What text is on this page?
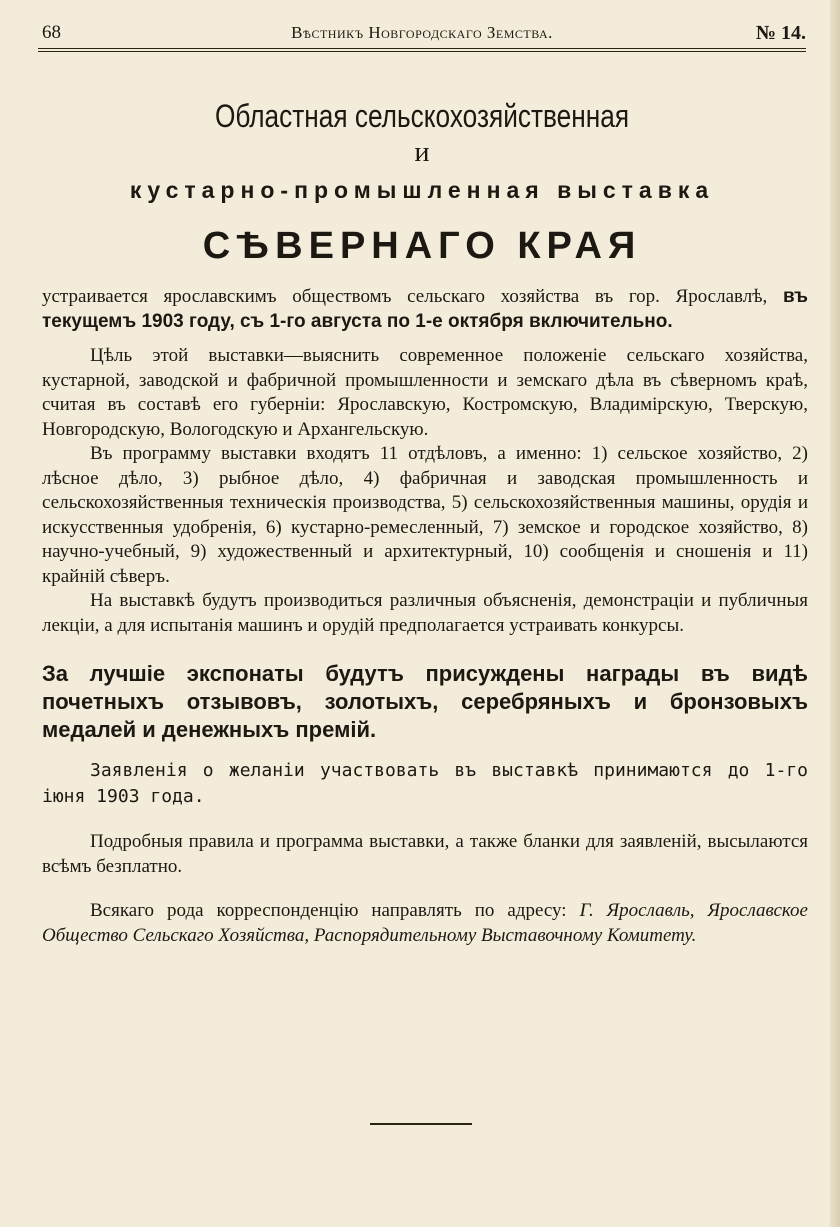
68	Вѣстникъ Новгородскаго Земства.	№ 14.
Областная сельскохозяйственная
и
кустарно-промышленная выставка
СѢВЕРНАГО КРАЯ

устраивается ярославскимъ обществомъ сельскаго хозяйства въ гор. Ярославлѣ, въ текущемъ 1903 году, съ 1-го августа по 1-е октября включительно.

Цѣль этой выставки—выяснить современное положенiе сельскаго хозяйства, кустарной, заводской и фабричной промышленности и земскаго дѣла въ сѣверномъ краѣ, считая въ составѣ его губернiи: Ярославскую, Костромскую, Владимiрскую, Тверскую, Новгородскую, Вологодскую и Архангельскую.

Въ программу выставки входятъ 11 отдѣловъ, а именно: 1) сельское хозяйство, 2) лѣсное дѣло, 3) рыбное дѣло, 4) фабричная и заводская промышленность и сельскохозяйственныя техническiя производства, 5) сельскохозяйственныя машины, орудiя и искусственныя удобренiя, 6) кустарно-ремесленный, 7) земское и городское хозяйство, 8) научно-учебный, 9) художественный и архитектурный, 10) сообщенiя и сношенiя и 11) крайнiй сѣверъ.

На выставкѣ будутъ производиться различныя объясненiя, демонстрацiи и публичныя лекцiи, а для испытанiя машинъ и орудiй предполагается устраивать конкурсы.

За лучшiе экспонаты будутъ присуждены награды въ видѣ почетныхъ отзывовъ, золотыхъ, серебряныхъ и бронзовыхъ медалей и денежныхъ премiй.

Заявленiя о желанiи участвовать въ выставкѣ принимаются до 1-го iюня 1903 года.

Подробныя правила и программа выставки, а также бланки для заявленiй, высылаются всѣмъ безплатно.

Всякаго рода корреспонденцiю направлять по адресу: Г. Ярославль, Ярославское Общество Сельскаго Хозяйства, Распорядительному Выставочному Комитету.
